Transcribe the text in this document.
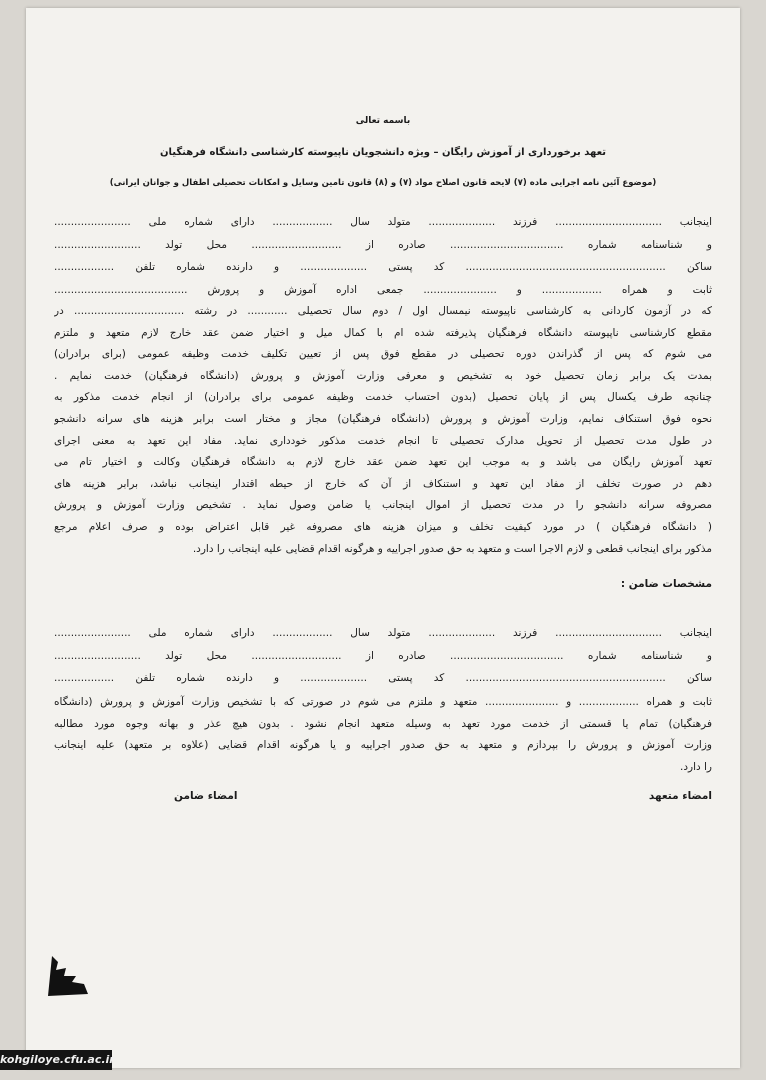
باسمه تعالی
تعهد برخورداری از آموزش رایگان – ویژه دانشجویان ناپیوسته کارشناسی دانشگاه فرهنگیان
(موضوع آئین نامه اجرایی ماده (۷) لایحه قانون اصلاح مواد (۷) و (۸) قانون تامین وسایل و امکانات تحصیلی اطفال و جوانان ایرانی)
اینجانب ................................ فرزند .................... متولد سال .................. دارای شماره ملی .......................
و شناسنامه شماره .................................. صادره از ........................... محل تولد ..........................
ساکن ............................................................ کد پستی .................... و دارنده شماره تلفن ..................
ثابت و همراه .................. و ...................... جمعی اداره آموزش و پرورش ........................................
که در آزمون کاردانی به کارشناسی ناپیوسته نیمسال اول / دوم سال تحصیلی ............ در رشته ................................. در
مقطع کارشناسی ناپیوسته دانشگاه فرهنگیان پذیرفته شده ام با کمال میل و اختیار ضمن عقد خارج لازم متعهد و ملتزم
می شوم که پس از گذراندن دوره تحصیلی در مقطع فوق پس از تعیین تکلیف خدمت وظیفه عمومی (برای برادران)
بمدت یک برابر زمان تحصیل خود به تشخیص و معرفی وزارت آموزش و پرورش (دانشگاه فرهنگیان) خدمت نمایم .
چنانچه طرف یکسال پس از پایان تحصیل (بدون احتساب خدمت وظیفه عمومی برای برادران) از انجام خدمت مذکور به
نحوه فوق استنکاف نمایم، وزارت آموزش و پرورش (دانشگاه فرهنگیان) مجاز و مختار است برابر هزینه های سرانه دانشجو
در طول مدت تحصیل از تحویل مدارک تحصیلی تا انجام خدمت مذکور خودداری نماید. مفاد این تعهد به معنی اجرای
تعهد آموزش رایگان می باشد و به موجب این تعهد ضمن عقد خارج لازم به دانشگاه فرهنگیان وکالت و اختیار تام می
دهم در صورت تخلف از مفاد این تعهد و استنکاف از آن که خارج از حیطه اقتدار اینجانب نباشد، برابر هزینه های
مصروفه سرانه دانشجو را در مدت تحصیل از اموال اینجانب یا ضامن وصول نماید . تشخیص وزارت آموزش و پرورش
( دانشگاه فرهنگیان ) در مورد کیفیت تخلف و میزان هزینه های مصروفه غیر قابل اعتراض بوده و صرف اعلام مرجع
مذکور برای اینجانب قطعی و لازم الاجرا است و متعهد به حق صدور اجراییه و هرگونه اقدام قضایی علیه اینجانب را دارد.
مشخصات ضامن :
اینجانب ................................ فرزند .................... متولد سال .................. دارای شماره ملی .......................
و شناسنامه شماره .................................. صادره از ........................... محل تولد ..........................
ساکن ............................................................ کد پستی .................... و دارنده شماره تلفن ..................
ثابت و همراه .................. و ...................... متعهد و ملتزم می شوم در صورتی که با تشخیص وزارت آموزش و پرورش (دانشگاه
فرهنگیان) تمام یا قسمتی از خدمت مورد تعهد به وسیله متعهد انجام نشود . بدون هیچ عذر و بهانه وجوه مورد مطالبه
وزارت آموزش و پرورش را بپردازم و متعهد به حق صدور اجراییه و یا هرگونه اقدام قضایی (علاوه بر متعهد) علیه اینجانب
را دارد.
امضاء متعهد
امضاء ضامن
kohgiloye.cfu.ac.ir
